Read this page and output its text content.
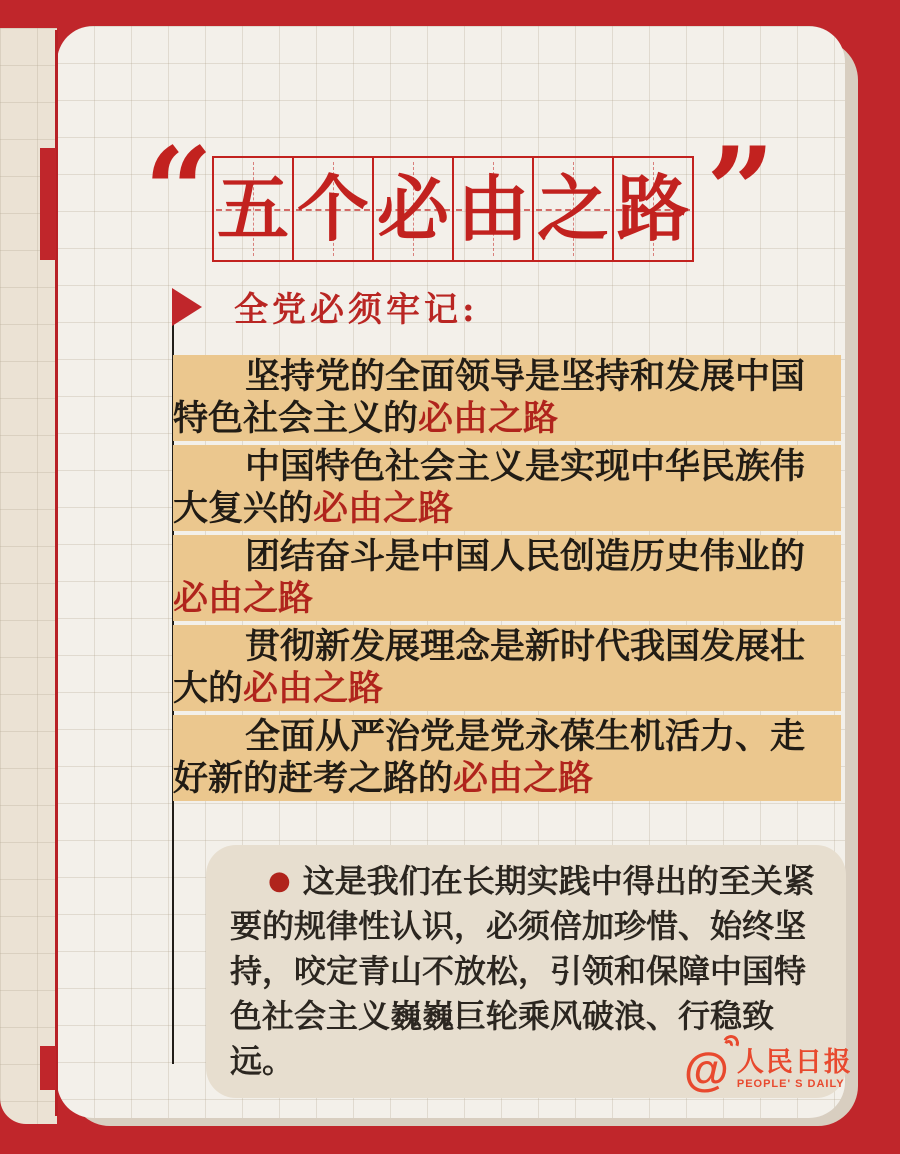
“ 五 个 必 由 之 路 ”
全党必须牢记:
坚持党的全面领导是坚持和发展中国特色社会主义的必由之路
中国特色社会主义是实现中华民族伟大复兴的必由之路
团结奋斗是中国人民创造历史伟业的必由之路
贯彻新发展理念是新时代我国发展壮大的必由之路
全面从严治党是党永葆生机活力、走好新的赶考之路的必由之路
● 这是我们在长期实践中得出的至关紧要的规律性认识，必须倍加珍惜、始终坚持，咬定青山不放松，引领和保障中国特色社会主义巍巍巨轮乘风破浪、行稳致远。	@ 人民日报
PEOPLE' S DAILY
